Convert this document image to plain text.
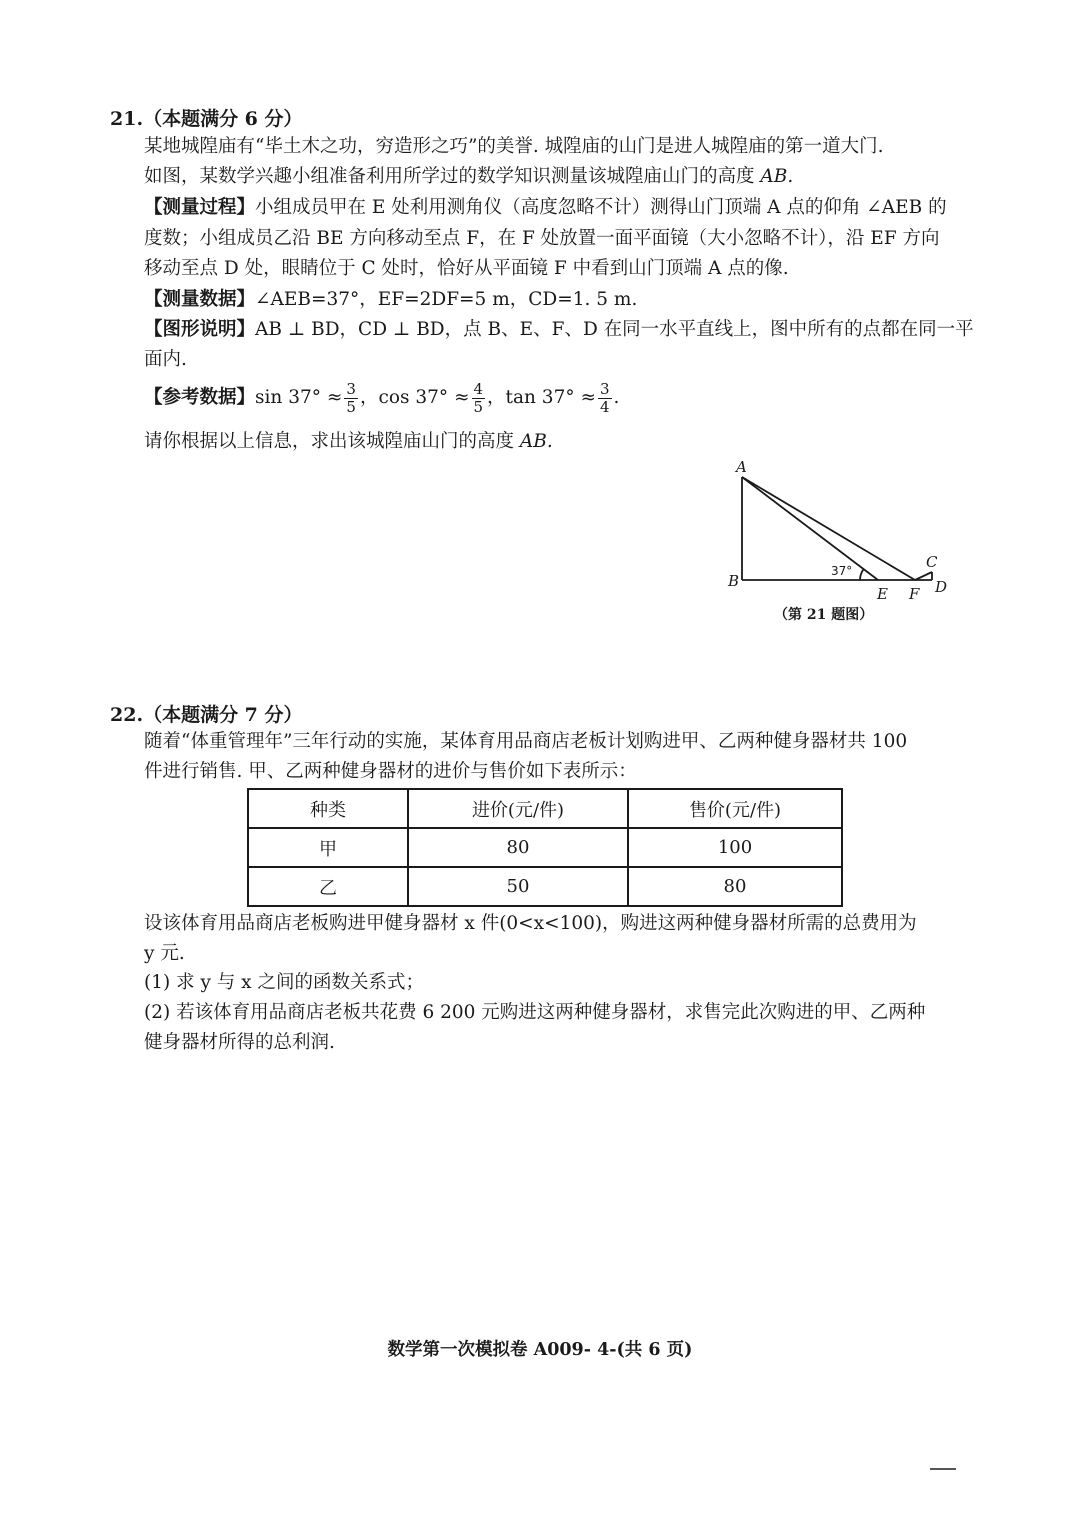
21.（本题满分 6 分）
某地城隍庙有“毕土木之功，穷造形之巧”的美誉. 城隍庙的山门是进人城隍庙的第一道大门.
如图，某数学兴趣小组准备利用所学过的数学知识测量该城隍庙山门的高度 AB.
【测量过程】小组成员甲在 E 处利用测角仪（高度忽略不计）测得山门顶端 A 点的仰角 ∠AEB 的
度数；小组成员乙沿 BE 方向移动至点 F，在 F 处放置一面平面镜（大小忽略不计），沿 EF 方向
移动至点 D 处，眼睛位于 C 处时，恰好从平面镜 F 中看到山门顶端 A 点的像.
【测量数据】∠AEB=37°，EF=2DF=5 m，CD=1. 5 m.
【图形说明】AB ⊥ BD，CD ⊥ BD，点 B、E、F、D 在同一水平直线上，图中所有的点都在同一平
面内.
【参考数据】$\sin 37^\circ \approx \frac{3}{5}$ ，$\cos 37^\circ \approx \frac{4}{5}$ ，$\tan 37^\circ \approx \frac{3}{4}$ .
请你根据以上信息，求出该城隍庙山门的高度 AB.
A
B
C
D
E F
37°
（第 21 题图）
22.（本题满分 7 分）
随着“体重管理年”三年行动的实施，某体育用品商店老板计划购进甲、乙两种健身器材共 100
件进行销售. 甲、乙两种健身器材的进价与售价如下表所示：
种类	进价(元/件)	售价(元/件)
甲	80	100
乙	50	80
设该体育用品商店老板购进甲健身器材 x 件(0<x<100)，购进这两种健身器材所需的总费用为
y 元.
(1) 求 y 与 x 之间的函数关系式；
(2) 若该体育用品商店老板共花费 6 200 元购进这两种健身器材，求售完此次购进的甲、乙两种
健身器材所得的总利润.
数学第一次模拟卷 A009- 4-(共 6 页)
